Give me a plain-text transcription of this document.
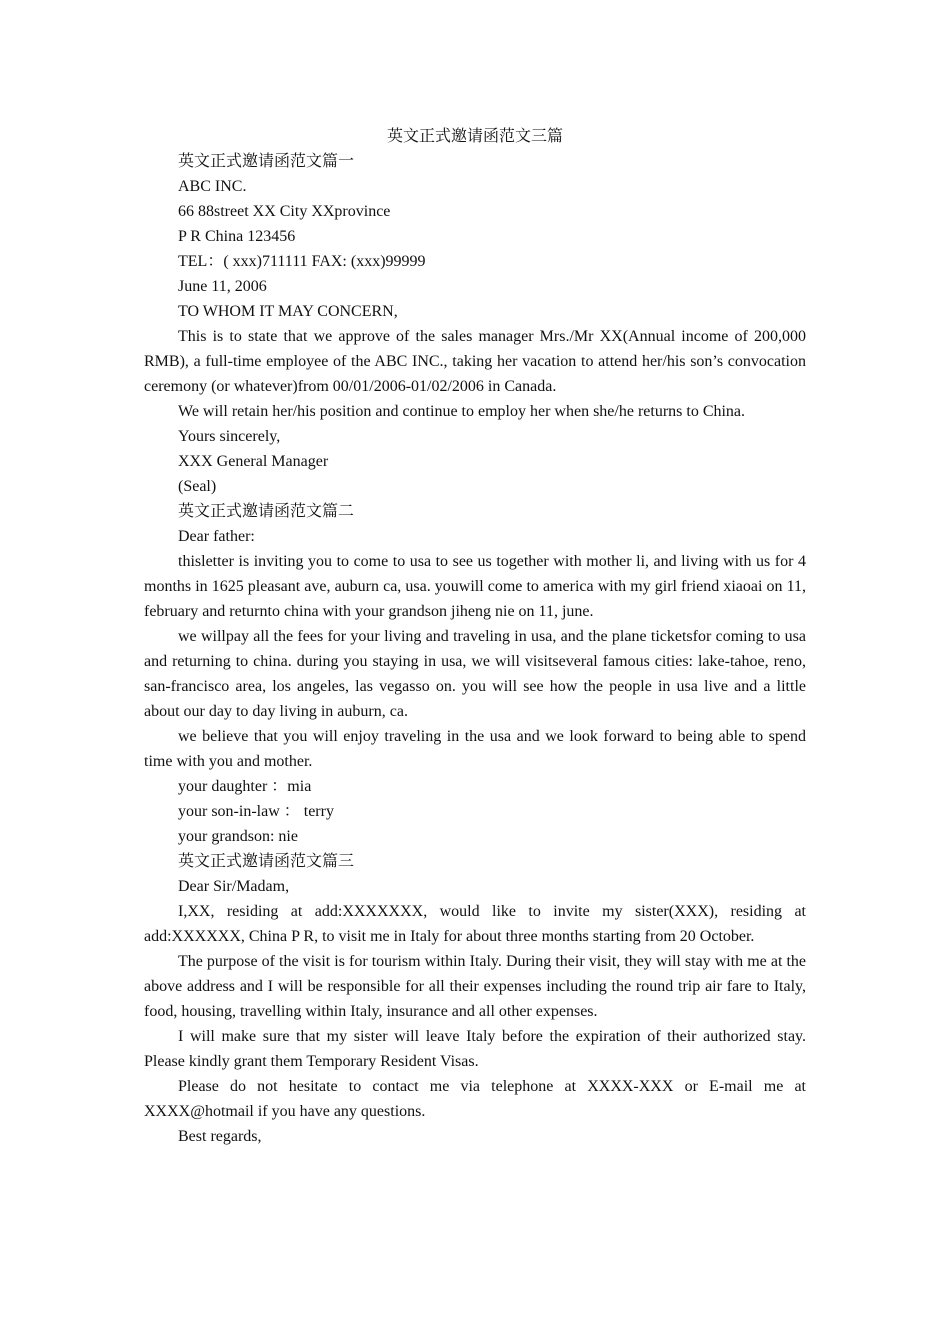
英文正式邀请函范文三篇

英文正式邀请函范文篇一

ABC INC.

66 88street XX City XXprovince

P R China 123456

TEL：( xxx)711111 FAX: (xxx)99999

June 11, 2006

TO WHOM IT MAY CONCERN,

This is to state that we approve of the sales manager Mrs./Mr XX(Annual income of 200,000 RMB), a full-time employee of the ABC INC., taking her vacation to attend her/his son’s convocation ceremony (or whatever)from 00/01/2006-01/02/2006 in Canada.

We will retain her/his position and continue to employ her when she/he returns to China.

Yours sincerely,

XXX General Manager

(Seal)

英文正式邀请函范文篇二

Dear father:

thisletter is inviting you to come to usa to see us together with mother li, and living with us for 4 months in 1625 pleasant ave, auburn ca, usa. youwill come to america with my girl friend xiaoai on 11, february and returnto china with your grandson jiheng nie on 11, june.

we willpay all the fees for your living and traveling in usa, and the plane ticketsfor coming to usa and returning to china. during you staying in usa, we will visitseveral famous cities: lake-tahoe, reno, san-francisco area, los angeles, las vegasso on. you will see how the people in usa live and a little about our day to day living in auburn, ca.

we believe that you will enjoy traveling in the usa and we look forward to being able to spend time with you and mother.

your daughter ：mia

your son-in-law ： terry

your grandson: nie

英文正式邀请函范文篇三

Dear Sir/Madam,

I,XX, residing at add:XXXXXXX, would like to invite my sister(XXX), residing at add:XXXXXX, China P R, to visit me in Italy for about three months starting from 20 October.

The purpose of the visit is for tourism within Italy. During their visit, they will stay with me at the above address and I will be responsible for all their expenses including the round trip air fare to Italy, food, housing, travelling within Italy, insurance and all other expenses.

I will make sure that my sister will leave Italy before the expiration of their authorized stay. Please kindly grant them Temporary Resident Visas.

Please do not hesitate to contact me via telephone at XXXX-XXX or E-mail me at XXXX@hotmail if you have any questions.

Best regards,
